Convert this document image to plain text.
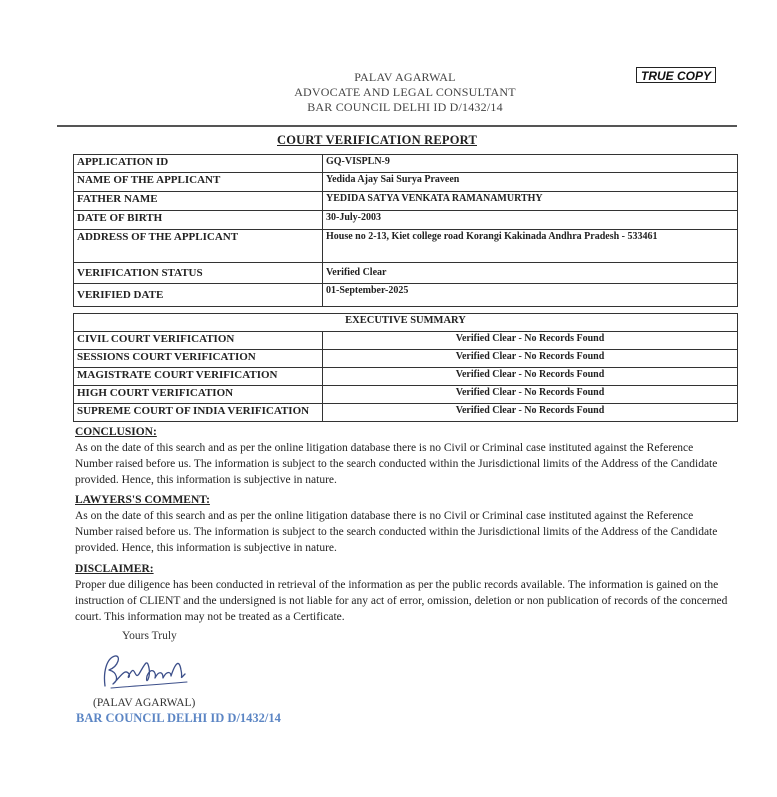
PALAV AGARWAL
ADVOCATE AND LEGAL CONSULTANT
BAR COUNCIL DELHI ID D/1432/14
TRUE COPY
COURT VERIFICATION REPORT
APPLICATION ID	GQ-VISPLN-9
NAME OF THE APPLICANT	Yedida Ajay Sai Surya Praveen
FATHER NAME	YEDIDA SATYA VENKATA RAMANAMURTHY
DATE OF BIRTH	30-July-2003
ADDRESS OF THE APPLICANT	House no 2-13, Kiet college road Korangi Kakinada Andhra Pradesh - 533461
VERIFICATION STATUS	Verified Clear
VERIFIED DATE	01-September-2025
EXECUTIVE SUMMARY	
CIVIL COURT VERIFICATION	Verified Clear - No Records Found
SESSIONS COURT VERIFICATION	Verified Clear - No Records Found
MAGISTRATE COURT VERIFICATION	Verified Clear - No Records Found
HIGH COURT VERIFICATION	Verified Clear - No Records Found
SUPREME COURT OF INDIA VERIFICATION	Verified Clear - No Records Found
CONCLUSION:
As on the date of this search and as per the online litigation database there is no Civil or Criminal case instituted against the Reference Number raised before us. The information is subject to the search conducted within the Jurisdictional limits of the Address of the Candidate provided. Hence, this information is subjective in nature.
LAWYERS'S COMMENT:
As on the date of this search and as per the online litigation database there is no Civil or Criminal case instituted against the Reference Number raised before us. The information is subject to the search conducted within the Jurisdictional limits of the Address of the Candidate provided. Hence, this information is subjective in nature.
DISCLAIMER:
Proper due diligence has been conducted in retrieval of the information as per the public records available. The information is gained on the instruction of CLIENT and the undersigned is not liable for any act of error, omission, deletion or non publication of records of the concerned court. This information may not be treated as a Certificate.
Yours Truly
(PALAV AGARWAL)
BAR COUNCIL DELHI ID D/1432/14
